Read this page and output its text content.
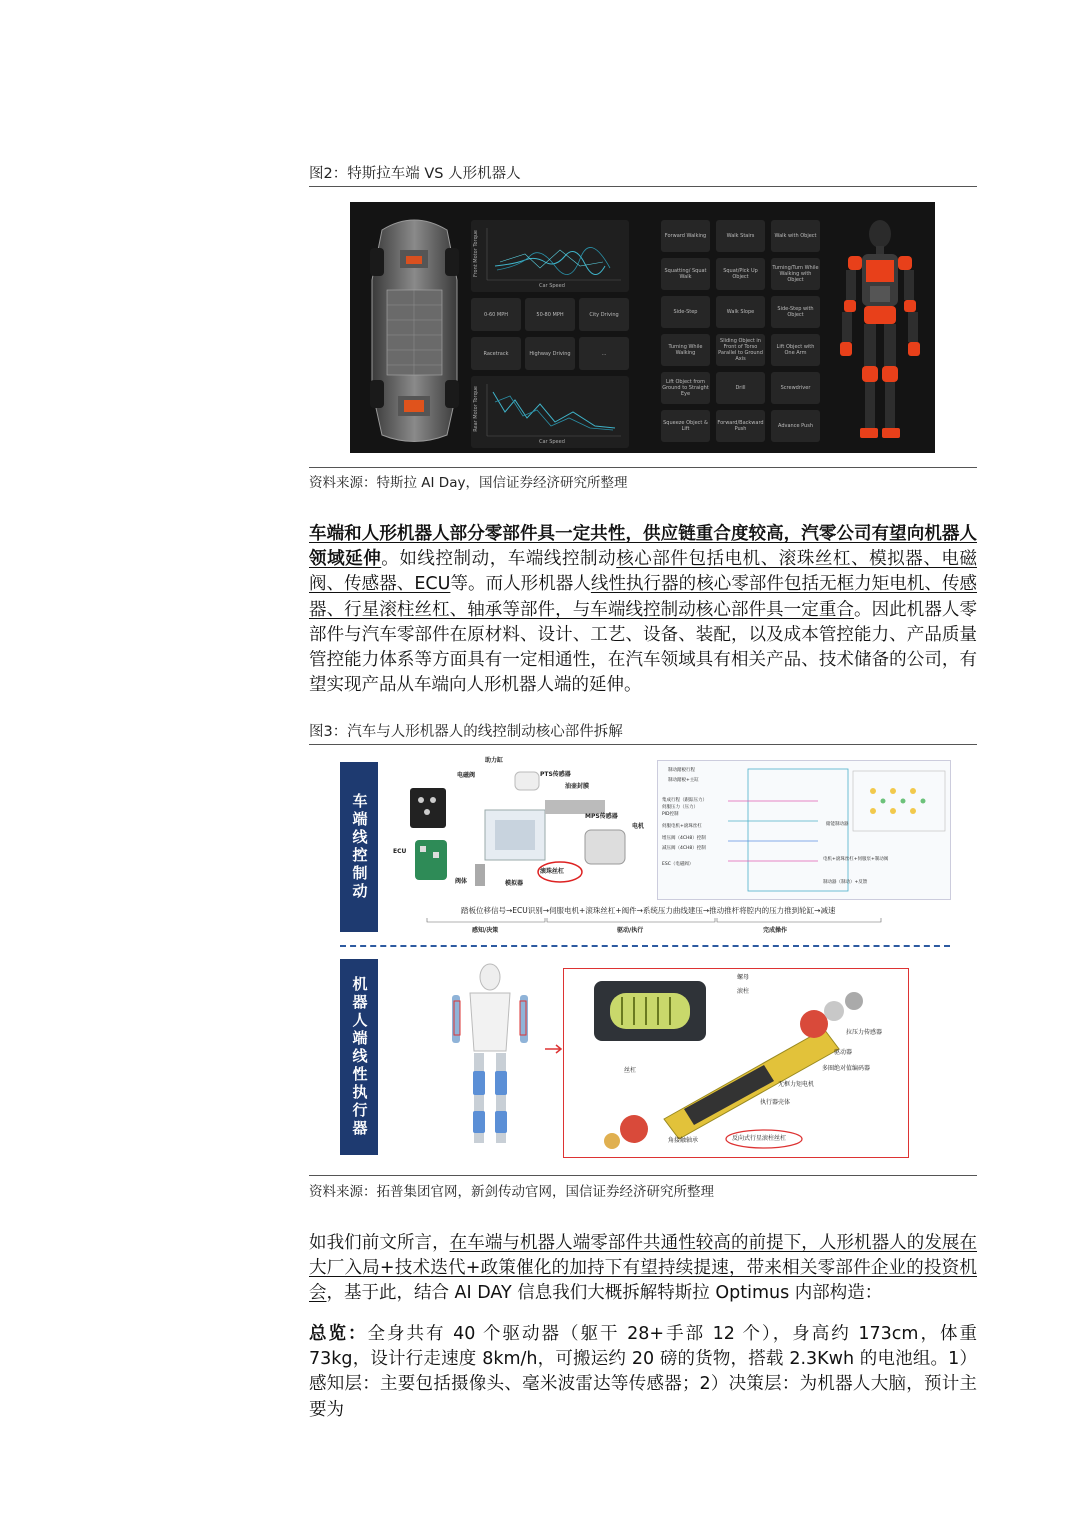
图2：特斯拉车端 VS 人形机器人
Front Motor Torque
Car Speed
0-60 MPH	50-80 MPH	City Driving
Racetrack	Highway Driving	...
Rear Motor Torque
Car Speed
Forward Walking	Walk Stairs	Walk with Object
Squatting/ Squat Walk
Squat/Pick Up Object
Turning/Turn While Walking with Object
Side-Step	Walk Slope	Side-Step with Object
Turning While Walking
Sliding Object in Front of Torso Parallel to Ground Axis
Lift Object with One Arm
Lift Object from Ground to Straight Eye
Drill	Screwdriver
Squeeze Object & Lift
Forward/Backward Push	Advance Push
资料来源：特斯拉 AI Day，国信证券经济研究所整理

车端和人形机器人部分零部件具一定共性，供应链重合度较高，汽零公司有望向机器人领域延伸。如线控制动，车端线控制动核心部件包括电机、滚珠丝杠、模拟器、电磁阀、传感器、ECU等。而人形机器人线性执行器的核心零部件包括无框力矩电机、传感器、行星滚柱丝杠、轴承等部件，与车端线控制动核心部件具一定重合。因此机器人零部件与汽车零部件在原材料、设计、工艺、设备、装配，以及成本管控能力、产品质量管控能力体系等方面具有一定相通性，在汽车领域具有相关产品、技术储备的公司，有望实现产品从车端向人形机器人端的延伸。

图3：汽车与人形机器人的线控制动核心部件拆解
车端线控制动
助力缸
电磁阀	PTS传感器
油壶封膜
MPS传感器
电机
ECU
阀体	模拟器
滚珠丝杠
制动踏板行程
制动踏板+主缸
集成行程（跟踪压力）
伺服压力（压力）
PID控制
伺服电机+滚珠丝杠
增压阀（4CH8）控制
减压阀（4CH8）控制
ESC（电磁阀）
电机+滚珠丝杠+伺服泵+制动阀
制动器（制动）+反馈
储能制动器
踏板位移信号→ECU识别→伺服电机+滚珠丝杠+阀件→系统压力曲线建压→推动推杆将腔内的压力推到轮缸→减速
感知/决策	驱动/执行	完成操作
机器人端线性执行器	螺母
滚柱
丝杠
拉压力传感器
驱动器
多圈绝对值编码器
无框力矩电机
执行器壳体
角接触轴承	反向式行星滚柱丝杠
资料来源：拓普集团官网，新剑传动官网，国信证券经济研究所整理

如我们前文所言，在车端与机器人端零部件共通性较高的前提下，人形机器人的发展在大厂入局+技术迭代+政策催化的加持下有望持续提速，带来相关零部件企业的投资机会，基于此，结合 AI DAY 信息我们大概拆解特斯拉 Optimus 内部构造：

总览：全身共有 40 个驱动器（躯干 28+手部 12 个），身高约 173cm，体重 73kg，设计行走速度 8km/h，可搬运约 20 磅的货物，搭载 2.3Kwh 的电池组。1）感知层：主要包括摄像头、毫米波雷达等传感器；2）决策层：为机器人大脑，预计主要为
